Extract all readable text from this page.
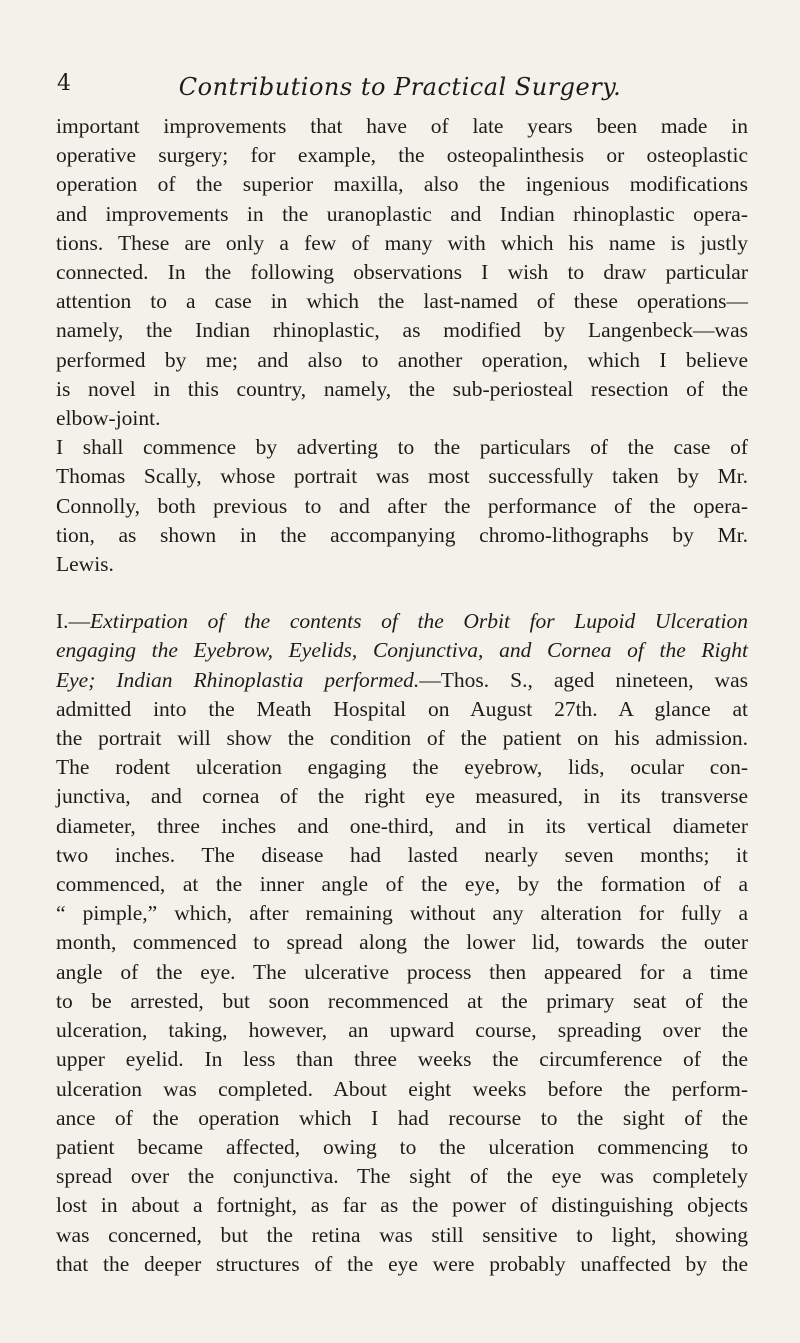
4	Contributions to Practical Surgery.
important improvements that have of late years been made in
operative surgery; for example, the osteopalinthesis or osteoplastic
operation of the superior maxilla, also the ingenious modifications
and improvements in the uranoplastic and Indian rhinoplastic opera-
tions. These are only a few of many with which his name is justly
connected. In the following observations I wish to draw particular
attention to a case in which the last-named of these operations—
namely, the Indian rhinoplastic, as modified by Langenbeck—was
performed by me; and also to another operation, which I believe
is novel in this country, namely, the sub-periosteal resection of the
elbow-joint.
I shall commence by adverting to the particulars of the case of
Thomas Scally, whose portrait was most successfully taken by Mr.
Connolly, both previous to and after the performance of the opera-
tion, as shown in the accompanying chromo-lithographs by Mr.
Lewis.
I.—Extirpation of the contents of the Orbit for Lupoid Ulceration
engaging the Eyebrow, Eyelids, Conjunctiva, and Cornea of the Right
Eye; Indian Rhinoplastia performed.—Thos. S., aged nineteen, was
admitted into the Meath Hospital on August 27th. A glance at
the portrait will show the condition of the patient on his admission.
The rodent ulceration engaging the eyebrow, lids, ocular con-
junctiva, and cornea of the right eye measured, in its transverse
diameter, three inches and one-third, and in its vertical diameter
two inches. The disease had lasted nearly seven months; it
commenced, at the inner angle of the eye, by the formation of a
“ pimple,” which, after remaining without any alteration for fully a
month, commenced to spread along the lower lid, towards the outer
angle of the eye. The ulcerative process then appeared for a time
to be arrested, but soon recommenced at the primary seat of the
ulceration, taking, however, an upward course, spreading over the
upper eyelid. In less than three weeks the circumference of the
ulceration was completed. About eight weeks before the perform-
ance of the operation which I had recourse to the sight of the
patient became affected, owing to the ulceration commencing to
spread over the conjunctiva. The sight of the eye was completely
lost in about a fortnight, as far as the power of distinguishing objects
was concerned, but the retina was still sensitive to light, showing
that the deeper structures of the eye were probably unaffected by the
